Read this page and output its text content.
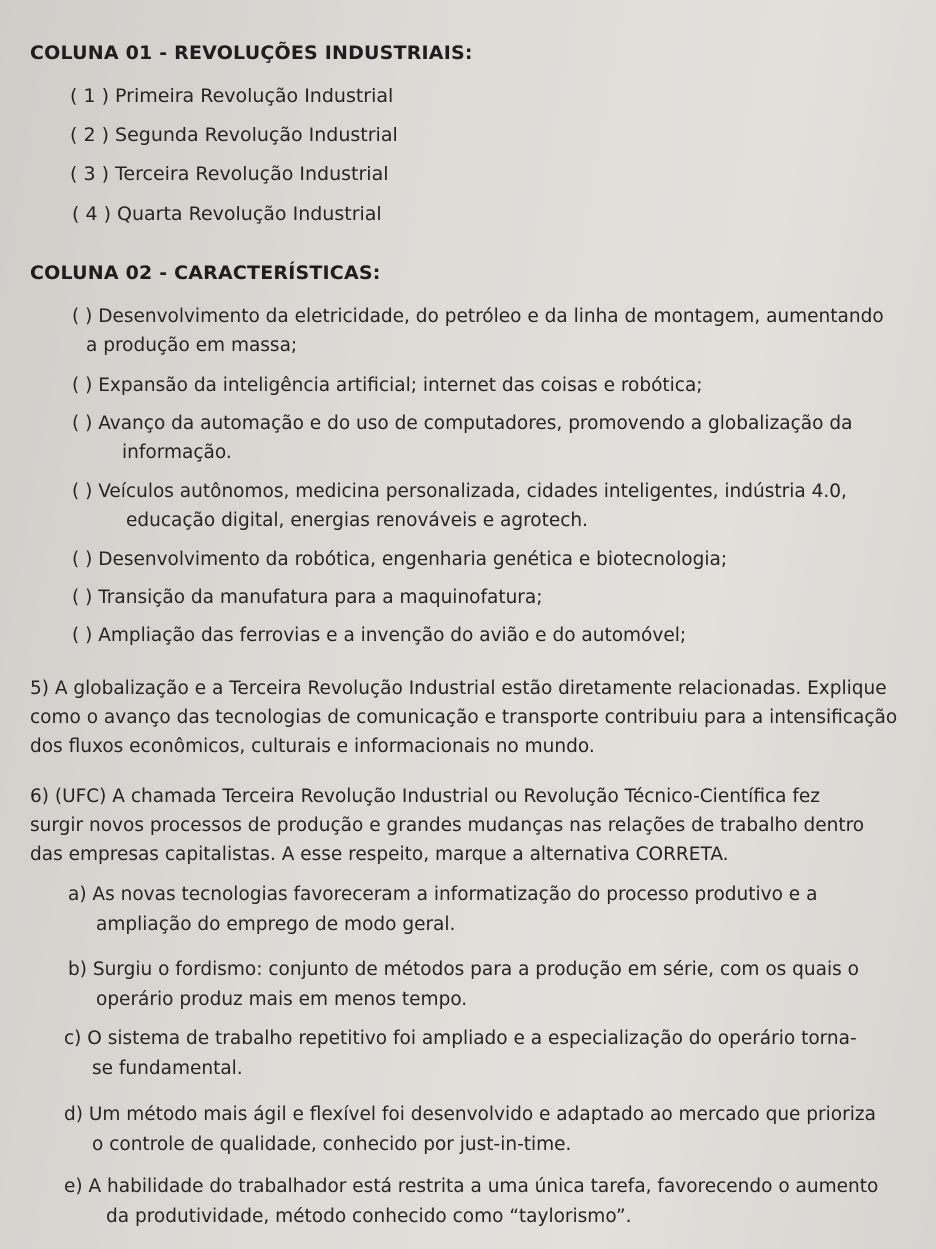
COLUNA 01 - REVOLUÇÕES INDUSTRIAIS:
( 1 ) Primeira Revolução Industrial
( 2 ) Segunda Revolução Industrial
( 3 ) Terceira Revolução Industrial
( 4 ) Quarta Revolução Industrial
COLUNA 02 - CARACTERÍSTICAS:
( ) Desenvolvimento da eletricidade, do petróleo e da linha de montagem, aumentando
a produção em massa;
( ) Expansão da inteligência artificial; internet das coisas e robótica;
( ) Avanço da automação e do uso de computadores, promovendo a globalização da
informação.
( ) Veículos autônomos, medicina personalizada, cidades inteligentes, indústria 4.0,
educação digital, energias renováveis e agrotech.
( ) Desenvolvimento da robótica, engenharia genética e biotecnologia;
( ) Transição da manufatura para a maquinofatura;
( ) Ampliação das ferrovias e a invenção do avião e do automóvel;
5) A globalização e a Terceira Revolução Industrial estão diretamente relacionadas. Explique
como o avanço das tecnologias de comunicação e transporte contribuiu para a intensificação
dos fluxos econômicos, culturais e informacionais no mundo.
6) (UFC) A chamada Terceira Revolução Industrial ou Revolução Técnico-Científica fez
surgir novos processos de produção e grandes mudanças nas relações de trabalho dentro
das empresas capitalistas. A esse respeito, marque a alternativa CORRETA.
a) As novas tecnologias favoreceram a informatização do processo produtivo e a
ampliação do emprego de modo geral.
b) Surgiu o fordismo: conjunto de métodos para a produção em série, com os quais o
operário produz mais em menos tempo.
c) O sistema de trabalho repetitivo foi ampliado e a especialização do operário torna-
se fundamental.
d) Um método mais ágil e flexível foi desenvolvido e adaptado ao mercado que prioriza
o controle de qualidade, conhecido por just-in-time.
e) A habilidade do trabalhador está restrita a uma única tarefa, favorecendo o aumento
da produtividade, método conhecido como “taylorismo”.
